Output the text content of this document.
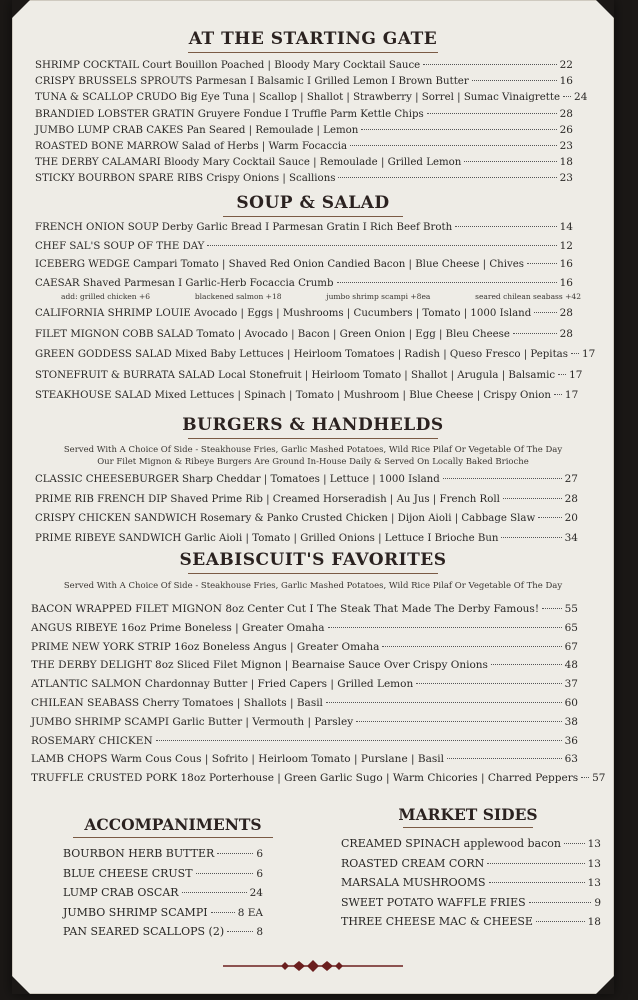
AT THE STARTING GATE
SHRIMP COCKTAIL Court Bouillon Poached | Bloody Mary Cocktail Sauce	22
CRISPY BRUSSELS SPROUTS Parmesan I Balsamic I Grilled Lemon I Brown Butter	16
TUNA & SCALLOP CRUDO Big Eye Tuna | Scallop | Shallot | Strawberry | Sorrel | Sumac Vinaigrette 24
BRANDIED LOBSTER GRATIN Gruyere Fondue I Truffle Parm Kettle Chips	28
JUMBO LUMP CRAB CAKES Pan Seared | Remoulade | Lemon	26
ROASTED BONE MARROW Salad of Herbs | Warm Focaccia	23
THE DERBY CALAMARI Bloody Mary Cocktail Sauce | Remoulade | Grilled Lemon	18
STICKY BOURBON SPARE RIBS Crispy Onions | Scallions	23
SOUP & SALAD
FRENCH ONION SOUP Derby Garlic Bread I Parmesan Gratin I Rich Beef Broth	14
CHEF SAL'S SOUP OF THE DAY	12
ICEBERG WEDGE Campari Tomato | Shaved Red Onion Candied Bacon | Blue Cheese | Chives	16
CAESAR Shaved Parmesan I Garlic-Herb Focaccia Crumb	16
CALIFORNIA SHRIMP LOUIE Avocado | Eggs | Mushrooms | Cucumbers | Tomato | 1000 Island	28
FILET MIGNON COBB SALAD Tomato | Avocado | Bacon | Green Onion | Egg | Bleu Cheese	28
GREEN GODDESS SALAD Mixed Baby Lettuces | Heirloom Tomatoes | Radish | Queso Fresco | Pepitas 17
STONEFRUIT & BURRATA SALAD Local Stonefruit | Heirloom Tomato | Shallot | Arugula | Balsamic 17
STEAKHOUSE SALAD Mixed Lettuces | Spinach | Tomato | Mushroom | Blue Cheese | Crispy Onion 17
add: grilled chicken +6	blackened salmon +18	jumbo shrimp scampi +8ea	seared chilean seabass +42
BURGERS & HANDHELDS
Served With A Choice Of Side - Steakhouse Fries, Garlic Mashed Potatoes, Wild Rice Pilaf Or Vegetable Of The Day
Our Filet Mignon & Ribeye Burgers Are Ground In-House Daily & Served On Locally Baked Brioche
CLASSIC CHEESEBURGER Sharp Cheddar | Tomatoes | Lettuce | 1000 Island	27
PRIME RIB FRENCH DIP Shaved Prime Rib | Creamed Horseradish | Au Jus | French Roll	28
CRISPY CHICKEN SANDWICH Rosemary & Panko Crusted Chicken | Dijon Aioli | Cabbage Slaw	20
PRIME RIBEYE SANDWICH Garlic Aioli | Tomato | Grilled Onions | Lettuce I Brioche Bun	34
SEABISCUIT'S FAVORITES
Served With A Choice Of Side - Steakhouse Fries, Garlic Mashed Potatoes, Wild Rice Pilaf Or Vegetable Of The Day
BACON WRAPPED FILET MIGNON 8oz Center Cut I The Steak That Made The Derby Famous! 55
ANGUS RIBEYE 16oz Prime Boneless | Greater Omaha	65
PRIME NEW YORK STRIP 16oz Boneless Angus | Greater Omaha	67
THE DERBY DELIGHT 8oz Sliced Filet Mignon | Bearnaise Sauce Over Crispy Onions	48
ATLANTIC SALMON Chardonnay Butter | Fried Capers | Grilled Lemon	37
CHILEAN SEABASS Cherry Tomatoes | Shallots | Basil	60
JUMBO SHRIMP SCAMPI Garlic Butter | Vermouth | Parsley	38
ROSEMARY CHICKEN	36
LAMB CHOPS Warm Cous Cous | Sofrito | Heirloom Tomato | Purslane | Basil	63
TRUFFLE CRUSTED PORK 18oz Porterhouse | Green Garlic Sugo | Warm Chicories | Charred Peppers 57
ACCOMPANIMENTS
BOURBON HERB BUTTER	6
BLUE CHEESE CRUST	6
LUMP CRAB OSCAR	24
JUMBO SHRIMP SCAMPI	8 EA
PAN SEARED SCALLOPS (2)	8
MARKET SIDES
CREAMED SPINACH applewood bacon	13
ROASTED CREAM CORN	13
MARSALA MUSHROOMS	13
SWEET POTATO WAFFLE FRIES	9
THREE CHEESE MAC & CHEESE	18
